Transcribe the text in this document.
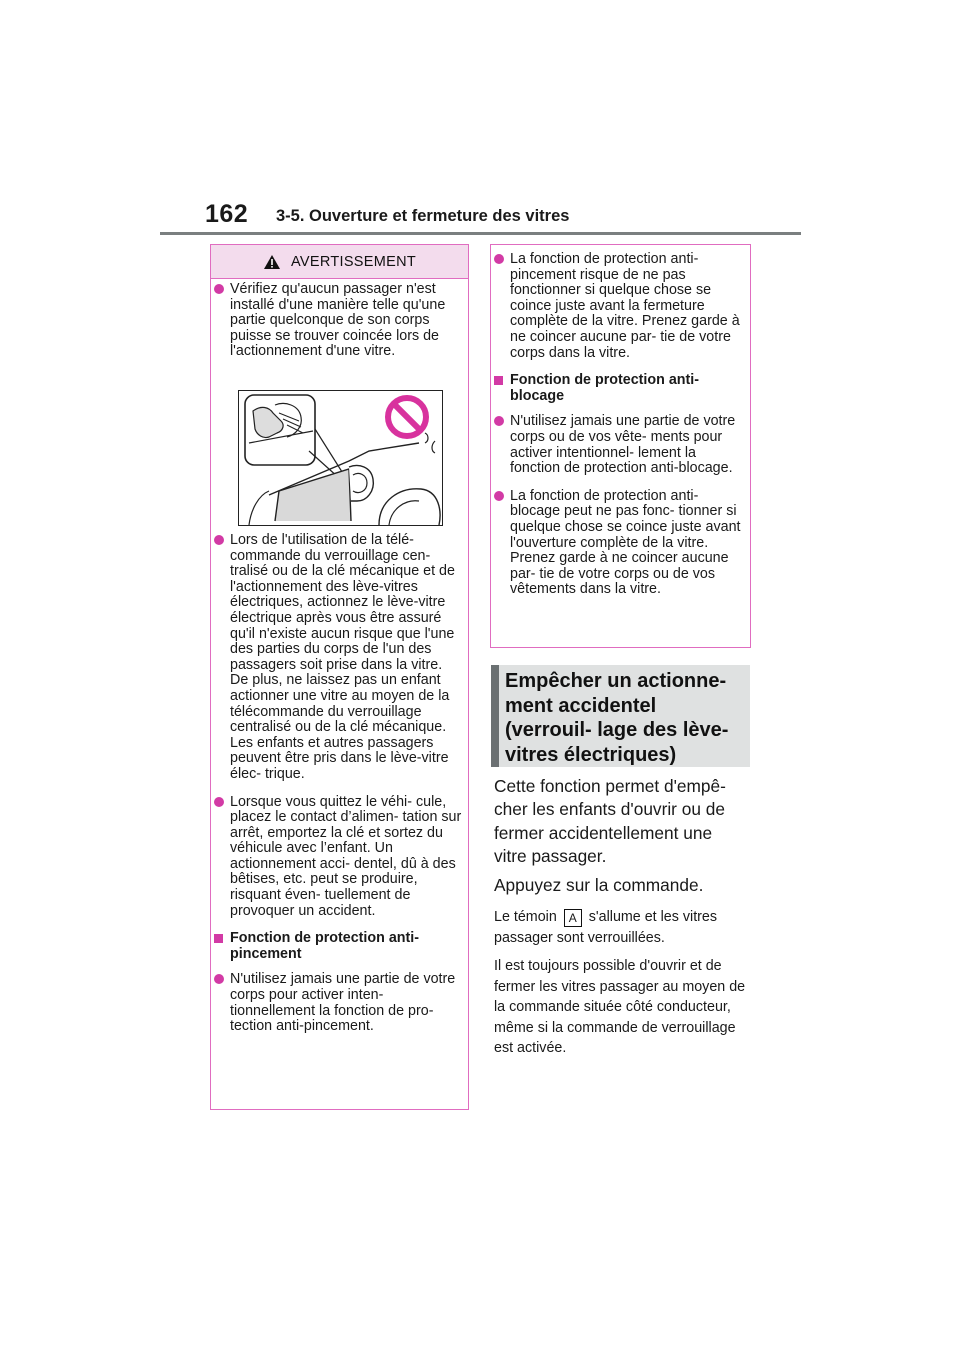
162 3-5. Ouverture et fermeture des vitres
AVERTISSEMENT
Vérifiez qu'aucun passager n'est installé d'une manière telle qu'une partie quelconque de son corps puisse se trouver coincée lors de l'actionnement d'une vitre.
Lors de l'utilisation de la télé- commande du verrouillage cen- tralisé ou de la clé mécanique et de l'actionnement des lève-vitres électriques, actionnez le lève-vitre électrique après vous être assuré qu'il n'existe aucun risque que l'une des parties du corps de l'un des passagers soit prise dans la vitre. De plus, ne laissez pas un enfant actionner une vitre au moyen de la télécommande du verrouillage centralisé ou de la clé mécanique. Les enfants et autres passagers peuvent être pris dans le lève-vitre élec- trique.
Lorsque vous quittez le véhi- cule, placez le contact d’alimen- tation sur arrêt, emportez la clé et sortez du véhicule avec l’enfant. Un actionnement acci- dentel, dû à des bêtises, etc. peut se produire, risquant éven- tuellement de provoquer un accident.
Fonction de protection anti-pincement
N'utilisez jamais une partie de votre corps pour activer inten- tionnellement la fonction de pro- tection anti-pincement.
La fonction de protection anti-pincement risque de ne pas fonctionner si quelque chose se coince juste avant la fermeture complète de la vitre. Prenez garde à ne coincer aucune par- tie de votre corps dans la vitre.
Fonction de protection anti-blocage
N'utilisez jamais une partie de votre corps ou de vos vête- ments pour activer intentionnel- lement la fonction de protection anti-blocage.
La fonction de protection anti-blocage peut ne pas fonc- tionner si quelque chose se coince juste avant l'ouverture complète de la vitre. Prenez garde à ne coincer aucune par- tie de votre corps ou de vos vêtements dans la vitre.
Empêcher un actionne- ment accidentel (verrouil- lage des lève-vitres électriques)
Cette fonction permet d'empê- cher les enfants d'ouvrir ou de fermer accidentellement une vitre passager.
Appuyez sur la commande.
Le témoin A s'allume et les vitres passager sont verrouillées.
Il est toujours possible d'ouvrir et de fermer les vitres passager au moyen de la commande située côté conducteur, même si la commande de verrouillage est activée.
